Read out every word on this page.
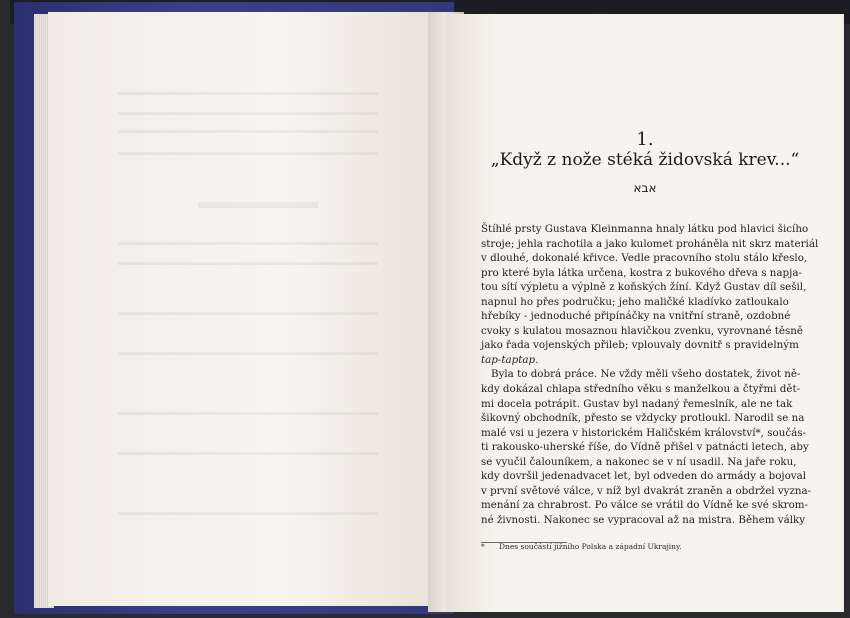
1.
„Když z nože stéká židovská krev...“
אבא
Štíhlé prsty Gustava Kleinmanna hnaly látku pod hlavici šicího
stroje; jehla rachotila a jako kulomet proháněla nit skrz materiál
v dlouhé, dokonalé křivce. Vedle pracovního stolu stálo křeslo,
pro které byla látka určena, kostra z bukového dřeva s napja-
tou sítí výpletu a výplně z koňských žíní. Když Gustav díl sešil,
napnul ho přes područku; jeho maličké kladívko zatloukalo
hřebíky - jednoduché připínáčky na vnitřní straně, ozdobné
cvoky s kulatou mosaznou hlavičkou zvenku, vyrovnané těsně
jako řada vojenských přileb; vplouvaly dovnitř s pravidelným
tap-taptap.
Byla to dobrá práce. Ne vždy měli všeho dostatek, život ně-
kdy dokázal chlapa středního věku s manželkou a čtyřmi dět-
mi docela potrápit. Gustav byl nadaný řemeslník, ale ne tak
šikovný obchodník, přesto se vždycky protloukl. Narodil se na
malé vsi u jezera v historickém Haličském království*, součás-
ti rakousko-uherské říše, do Vídně přišel v patnácti letech, aby
se vyučil čalouníkem, a nakonec se v ní usadil. Na jaře roku,
kdy dovršil jedenadvacet let, byl odveden do armády a bojoval
v první světové válce, v níž byl dvakrát zraněn a obdržel vyzna-
menání za chrabrost. Po válce se vrátil do Vídně ke své skrom-
né živnosti. Nakonec se vypracoval až na mistra. Během války
* Dnes součástí jižního Polska a západní Ukrajiny.
